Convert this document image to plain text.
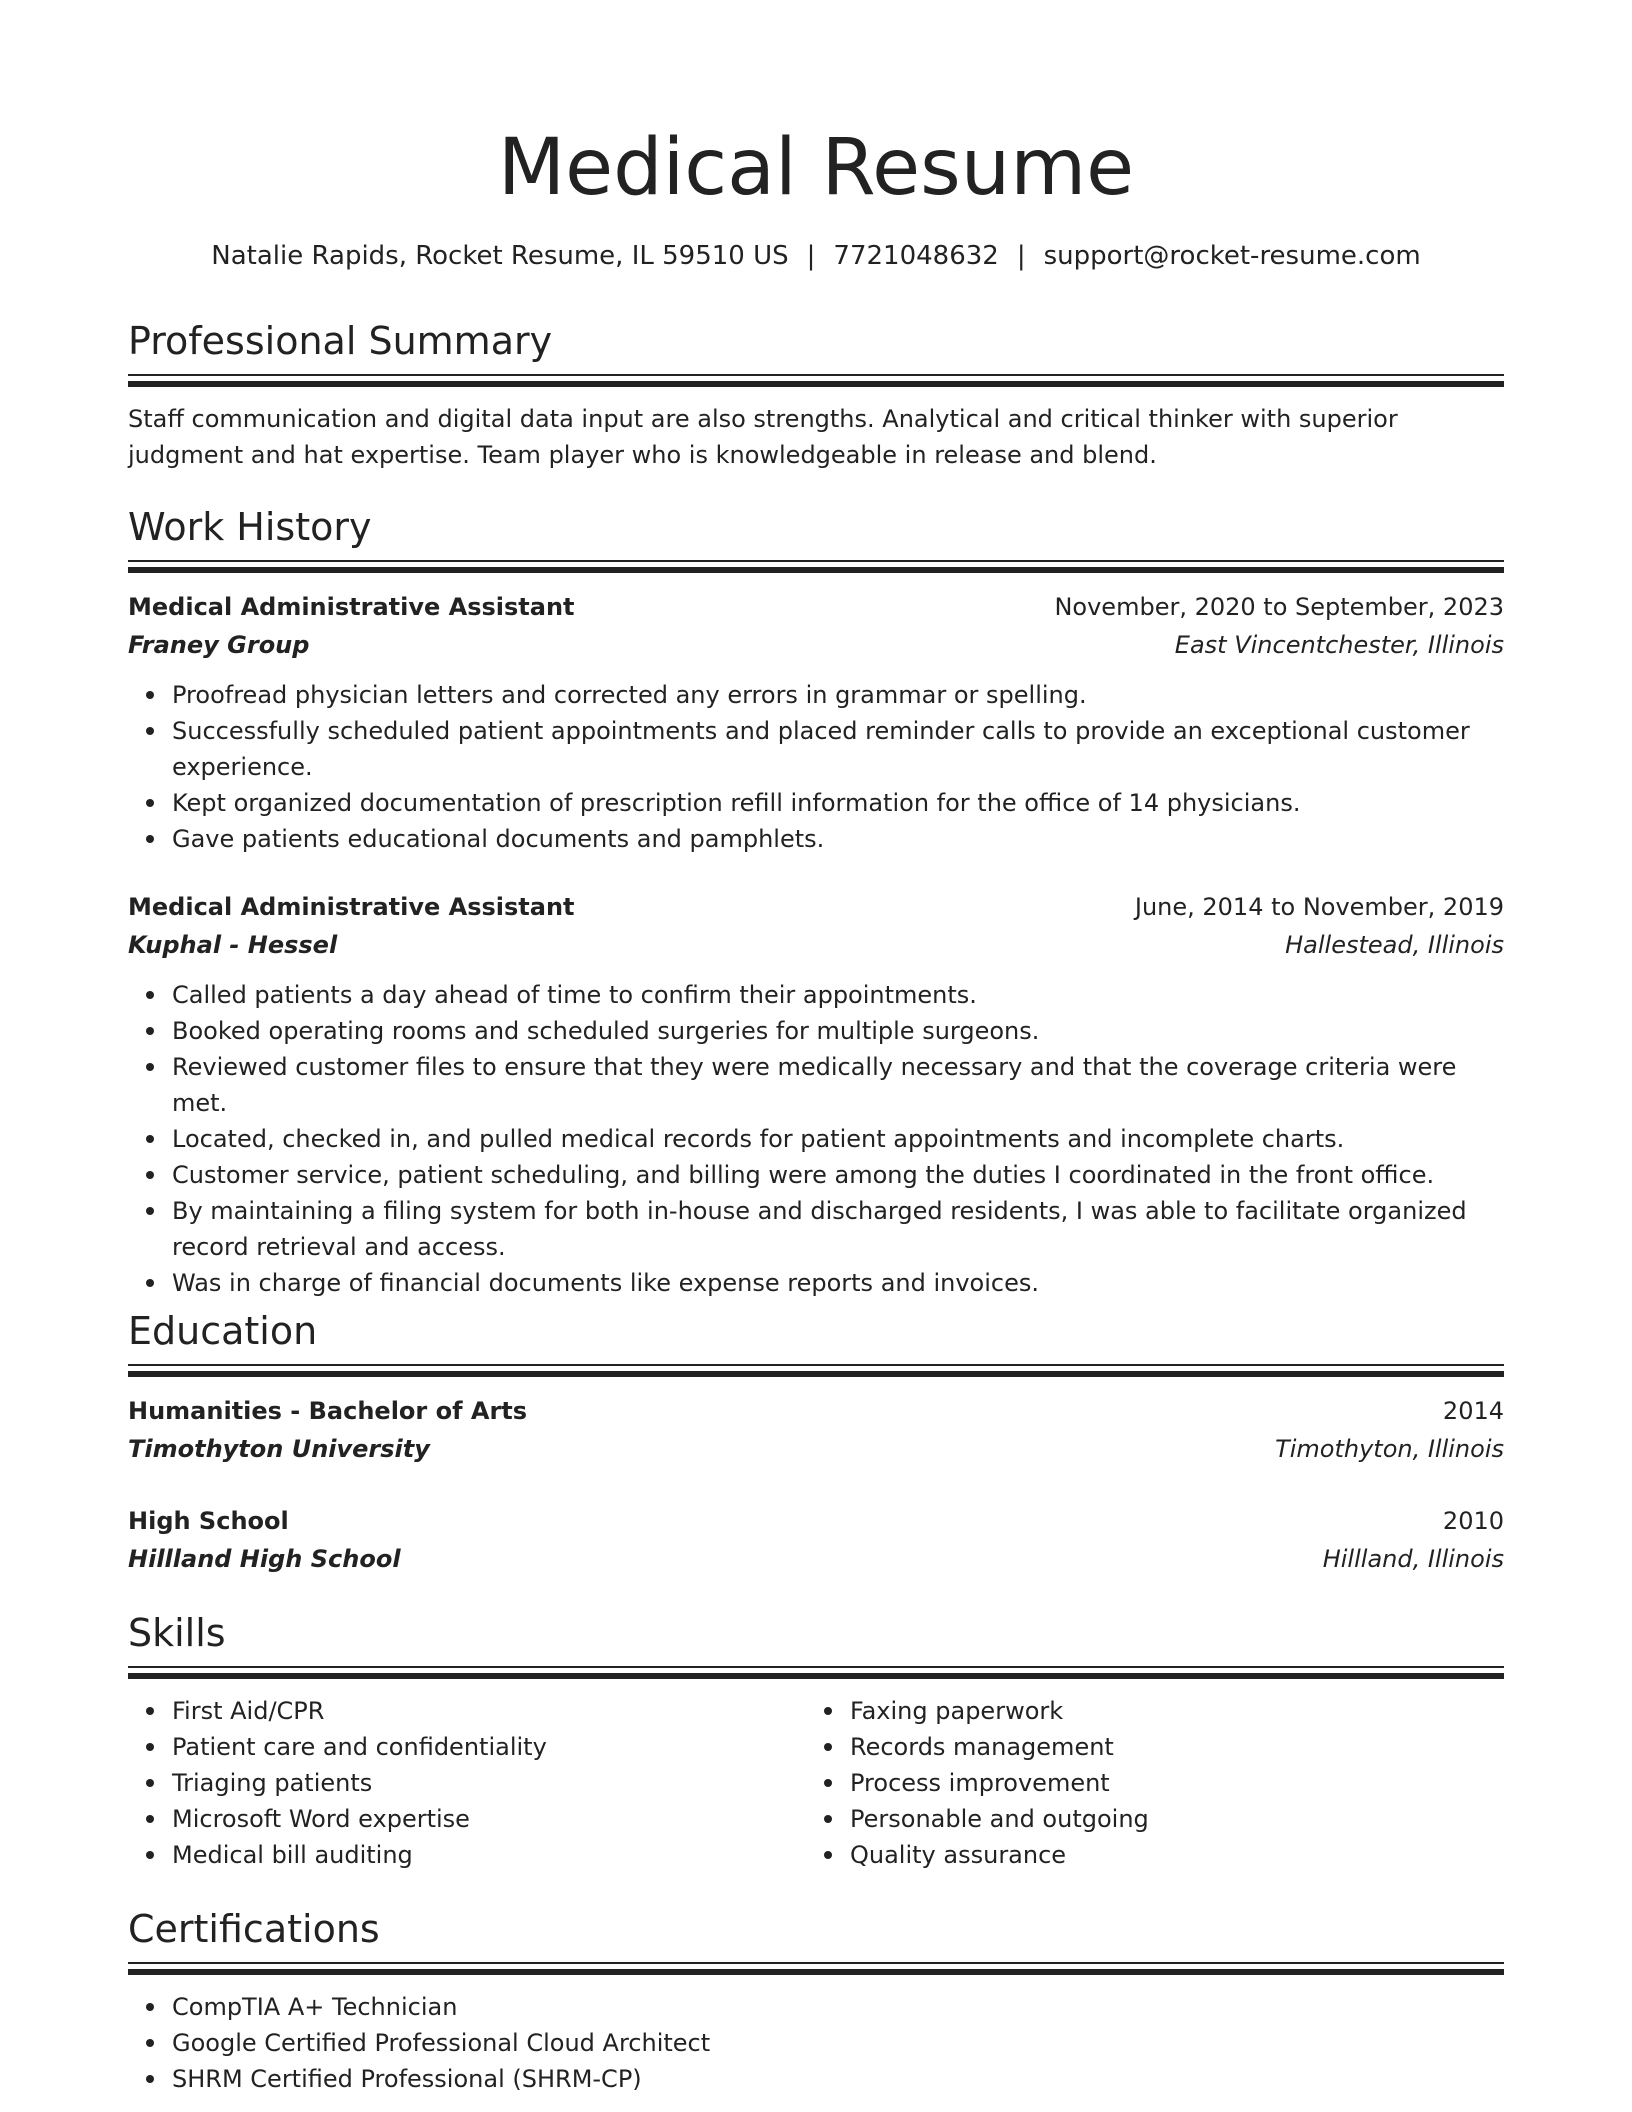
Medical Resume
Natalie Rapids, Rocket Resume, IL 59510 US | 7721048632 | support@rocket-resume.com
Professional Summary
Staff communication and digital data input are also strengths. Analytical and critical thinker with superior judgment and hat expertise. Team player who is knowledgeable in release and blend.
Work History
Medical Administrative Assistant	November, 2020 to September, 2023
Franey Group	East Vincentchester, Illinois
Proofread physician letters and corrected any errors in grammar or spelling.
Successfully scheduled patient appointments and placed reminder calls to provide an exceptional customer experience.
Kept organized documentation of prescription refill information for the office of 14 physicians.
Gave patients educational documents and pamphlets.
Medical Administrative Assistant	June, 2014 to November, 2019
Kuphal - Hessel	Hallestead, Illinois
Called patients a day ahead of time to confirm their appointments.
Booked operating rooms and scheduled surgeries for multiple surgeons.
Reviewed customer files to ensure that they were medically necessary and that the coverage criteria were met.
Located, checked in, and pulled medical records for patient appointments and incomplete charts.
Customer service, patient scheduling, and billing were among the duties I coordinated in the front office.
By maintaining a filing system for both in-house and discharged residents, I was able to facilitate organized record retrieval and access.
Was in charge of financial documents like expense reports and invoices.
Education
Humanities - Bachelor of Arts	2014
Timothyton University	Timothyton, Illinois
High School	2010
Hillland High School	Hillland, Illinois
Skills
First Aid/CPR
Patient care and confidentiality
Triaging patients
Microsoft Word expertise
Medical bill auditing
Faxing paperwork
Records management
Process improvement
Personable and outgoing
Quality assurance
Certifications
CompTIA A+ Technician
Google Certified Professional Cloud Architect
SHRM Certified Professional (SHRM-CP)
